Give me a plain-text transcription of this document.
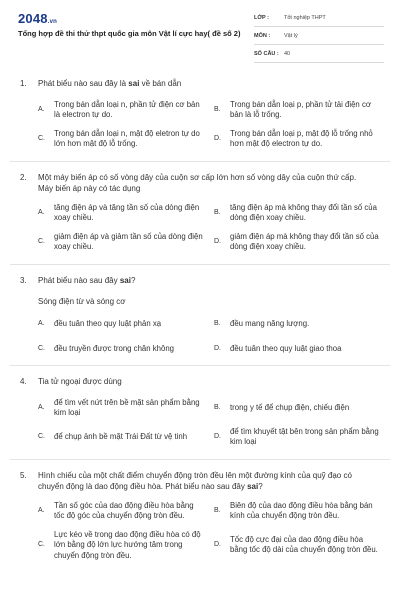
2048.vn
Tổng hợp đề thi thử thpt quốc gia môn Vật lí cực hay( đề số 2)
LỚP :	Tốt nghiệp THPT
MÔN :	Vật lý
SỐ CÂU : 40
1. Phát biểu nào sau đây là sai về bán dẫn
A.
Trong bán dẫn loại n, phần tử điện cơ bản là electron tự do.
B.
Trong bán dẫn loại p, phần tử tải điện cơ bản là lỗ trống.
C.
Trong bán dẫn loại n, mật độ eletron tự do lớn hơn mật độ lỗ trống.
D.
Trong bán dẫn loại p, mật độ lỗ trống nhỏ hơn mật độ electron tự do.
2. Một máy biến áp có số vòng dây của cuộn sơ cấp lớn hơn số vòng dây của cuộn thứ cấp. Máy biến áp này có tác dụng
A.
tăng điện áp và tăng tần số của dòng điện xoay chiều.
B.
tăng điện áp mà không thay đổi tần số của dòng điện xoay chiều.
C.
giảm điện áp và giảm tần số của dòng điện xoay chiều.
D.
giảm điện áp mà không thay đổi tần số của dòng điện xoay chiều.
3. Phát biểu nào sau đây sai?
Sóng điện từ và sóng cơ
A.	đều tuân theo quy luật phản xạ	B.	đều mang năng lượng.
C.	đều truyền được trong chân không	D.	đều tuân theo quy luật giao thoa
4. Tia tử ngoại được dùng
A.
để tìm vết nứt trên bề mặt sản phẩm bằng kim loại
B.	trong y tế để chụp điện, chiếu điện
C.	để chụp ảnh bề mặt Trái Đất từ vệ tinh	D.
để tìm khuyết tật bên trong sản phẩm bằng kim loại
5. Hình chiếu của một chất điểm chuyển động tròn đều lên một đường kính của quỹ đạo có chuyển động là dao động điều hòa. Phát biểu nào sau đây sai?
A.
Tần số góc của dao động điều hòa bằng tốc độ góc của chuyển động tròn đều.
B.
Biên độ của dao động điều hòa bằng bán kính của chuyển động tròn đều.
C.
Lực kéo về trong dao động điều hòa có độ lớn bằng độ lớn lực hướng tâm trong chuyển động tròn đều.
D.
Tốc độ cực đại của dao động điều hòa bằng tốc độ dài của chuyển động tròn đều.
